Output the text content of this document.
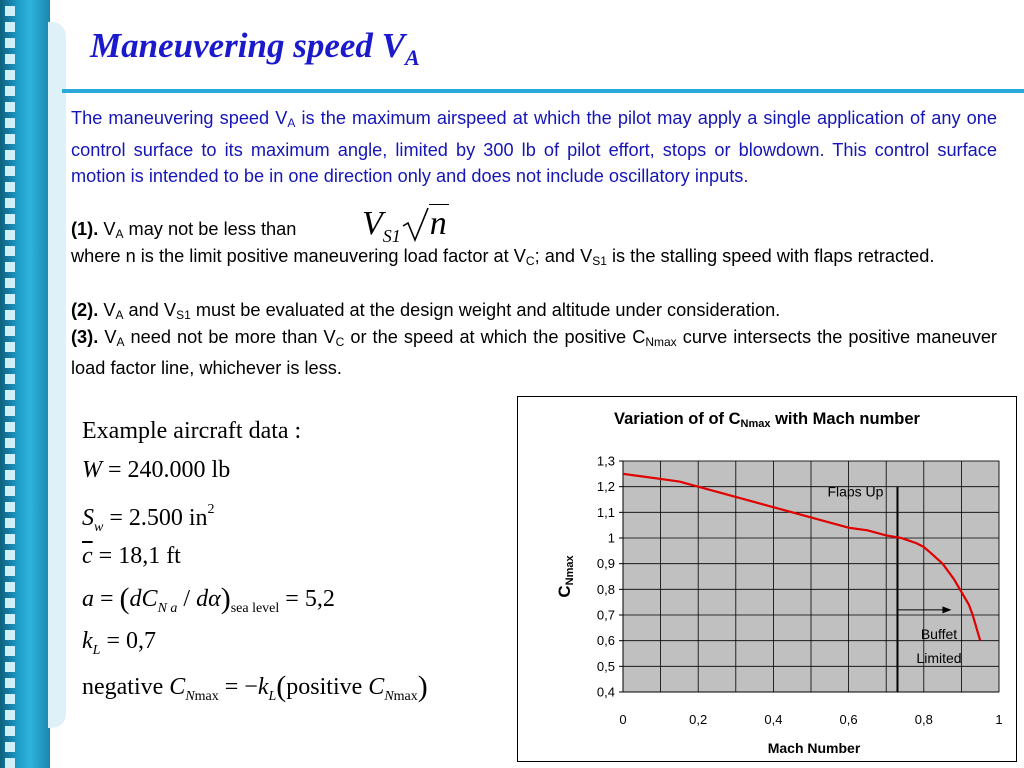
Maneuvering speed $V_A$

The maneuvering speed VA is the maximum airspeed at which the pilot may apply a single application of any one control surface to its maximum angle, limited by 300 lb of pilot effort, stops or blowdown. This control surface motion is intended to be in one direction only and does not include oscillatory inputs.

(1). VA may not be less than	$V_{S1}$ n

where n is the limit positive maneuvering load factor at VC; and VS1 is the stalling speed with flaps retracted.

(2). VA and VS1 must be evaluated at the design weight and altitude under consideration.

(3). VA need not be more than VC or the speed at which the positive CNmax curve intersects the positive maneuver load factor line, whichever is less.

Example aircraft data :
W = 240.000 lb
$S_w = 2.500$ $in^2$
$\overline{c} = 18,1$ ft
$a = (dC_{N a} / d\alpha)_{sea level} = 5,2$
$k_L = 0,7$
negative $C_{Nmax}$ = $-k_L(positive$ $C_{Nmax}$)
Variation of of CNmax with Mach number
0,4
0,5
0,6
0,7
0,8
0,9
1
1,1
1,2
1,3
0	0,2	0,4	0,6	0,8	1
Mach Number
CNmax
Flaps Up
Buffet
Limited
